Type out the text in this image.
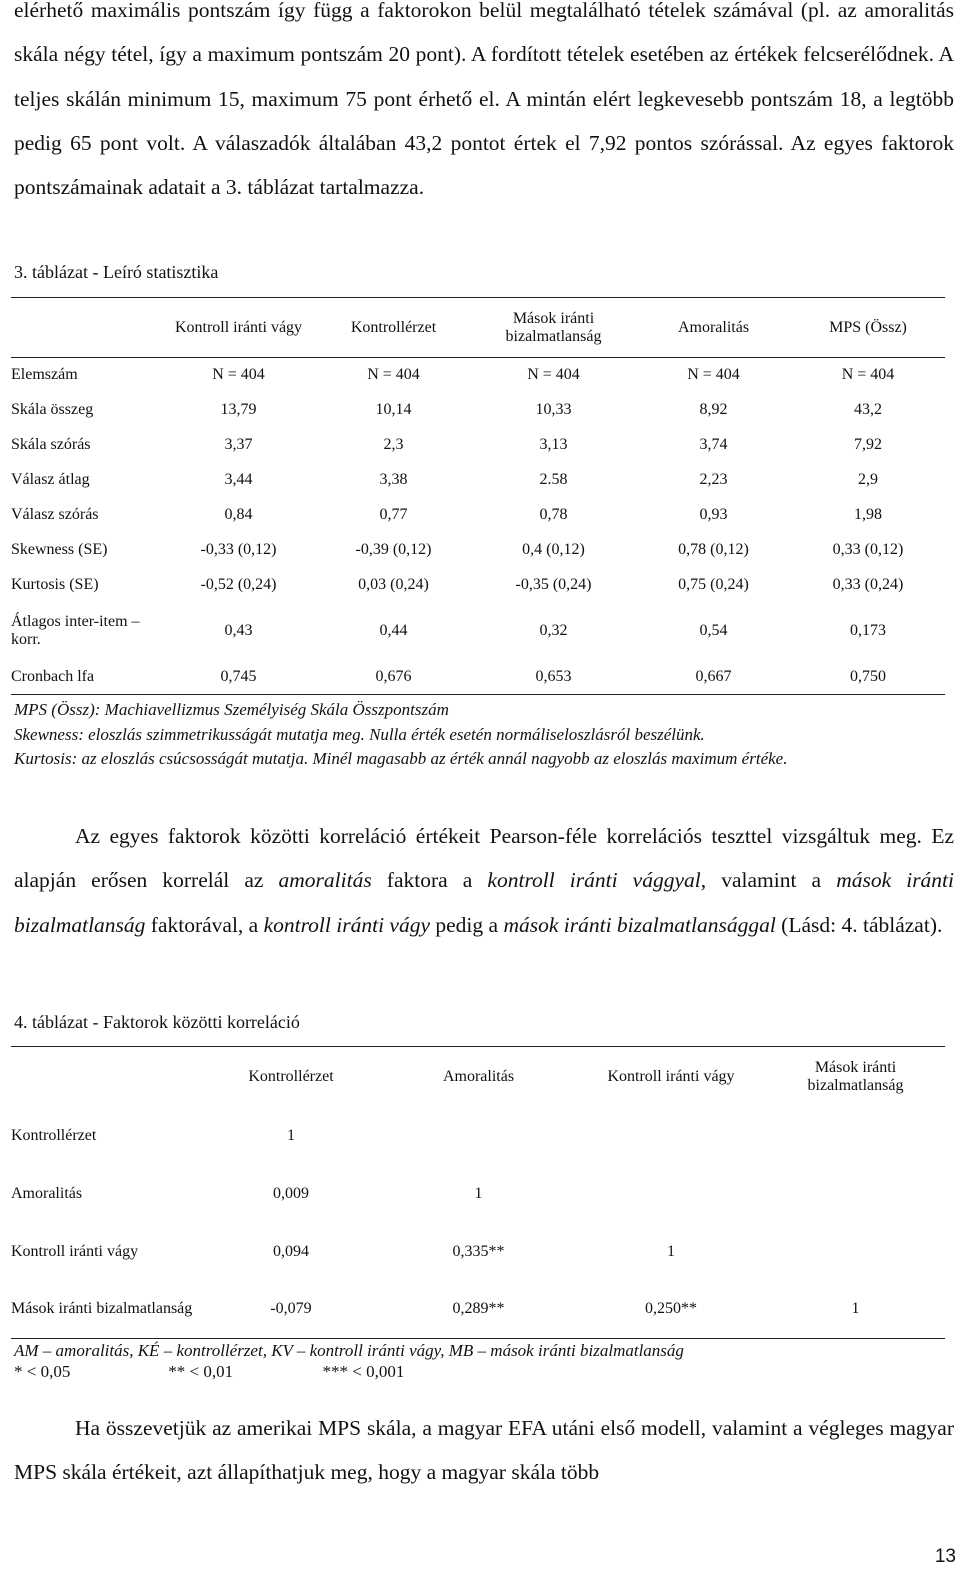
elérhető maximális pontszám így függ a faktorokon belül megtalálható tételek számával (pl. az amoralitás skála négy tétel, így a maximum pontszám 20 pont). A fordított tételek esetében az értékek felcserélődnek. A teljes skálán minimum 15, maximum 75 pont érhető el. A mintán elért legkevesebb pontszám 18, a legtöbb pedig 65 pont volt. A válaszadók általában 43,2 pontot értek el 7,92 pontos szórással. Az egyes faktorok pontszámainak adatait a 3. táblázat tartalmazza.

3. táblázat - Leíró statisztika

	Kontroll iránti vágy	Kontrollérzet	Mások iránti bizalmatlanság	Amoralitás	MPS (Össz)
Elemszám	N = 404	N = 404	N = 404	N = 404	N = 404
Skála összeg	13,79	10,14	10,33	8,92	43,2
Skála szórás	3,37	2,3	3,13	3,74	7,92
Válasz átlag	3,44	3,38	2.58	2,23	2,9
Válasz szórás	0,84	0,77	0,78	0,93	1,98
Skewness (SE)	-0,33 (0,12)	-0,39 (0,12)	0,4 (0,12)	0,78 (0,12)	0,33 (0,12)
Kurtosis (SE)	-0,52 (0,24)	0,03 (0,24)	-0,35 (0,24)	0,75 (0,24)	0,33 (0,24)
Átlagos inter-item –korr.	0,43	0,44	0,32	0,54	0,173
Cronbach lfa	0,745	0,676	0,653	0,667	0,750
MPS (Össz): Machiavellizmus Személyiség Skála Összpontszám
Skewness: eloszlás szimmetrikusságát mutatja meg. Nulla érték esetén normáliseloszlásról beszélünk.
Kurtosis: az eloszlás csúcsosságát mutatja. Minél magasabb az érték annál nagyobb az eloszlás maximum értéke.

Az egyes faktorok közötti korreláció értékeit Pearson-féle korrelációs teszttel vizsgáltuk meg. Ez alapján erősen korrelál az amoralitás faktora a kontroll iránti vággyal, valamint a mások iránti bizalmatlanság faktorával, a kontroll iránti vágy pedig a mások iránti bizalmatlansággal (Lásd: 4. táblázat).

4. táblázat - Faktorok közötti korreláció

	Kontrollérzet	Amoralitás	Kontroll iránti vágy	Mások iránti bizalmatlanság
Kontrollérzet	1			
Amoralitás	0,009	1		
Kontroll iránti vágy	0,094	0,335**	1	
Mások iránti bizalmatlanság	-0,079	0,289**	0,250**	1
AM – amoralitás, KÉ – kontrollérzet, KV – kontroll iránti vágy, MB – mások iránti bizalmatlanság
* < 0,05	** < 0,01	*** < 0,001

Ha összevetjük az amerikai MPS skála, a magyar EFA utáni első modell, valamint a végleges magyar MPS skála értékeit, azt állapíthatjuk meg, hogy a magyar skála több

13
